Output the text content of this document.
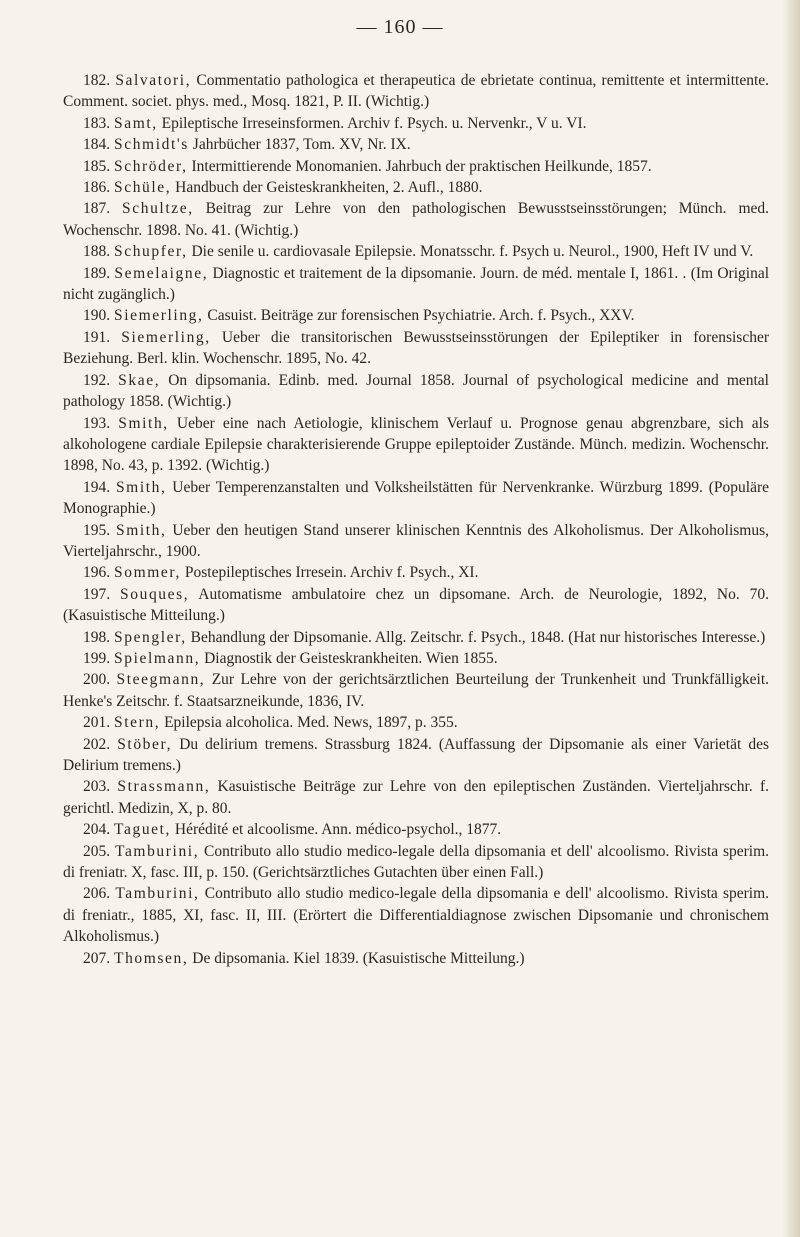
— 160 —

182. Salvatori, Commentatio pathologica et therapeutica de ebrietate continua, remittente et intermittente. Comment. societ. phys. med., Mosq. 1821, P. II. (Wichtig.)

183. Samt, Epileptische Irreseinsformen. Archiv f. Psych. u. Nervenkr., V u. VI.

184. Schmidt's Jahrbücher 1837, Tom. XV, Nr. IX.

185. Schröder, Intermittierende Monomanien. Jahrbuch der praktischen Heilkunde, 1857.

186. Schüle, Handbuch der Geisteskrankheiten, 2. Aufl., 1880.

187. Schultze, Beitrag zur Lehre von den pathologischen Bewusstseinsstörungen; Münch. med. Wochenschr. 1898. No. 41. (Wichtig.)

188. Schupfer, Die senile u. cardiovasale Epilepsie. Monatsschr. f. Psych u. Neurol., 1900, Heft IV und V.

189. Semelaigne, Diagnostic et traitement de la dipsomanie. Journ. de méd. mentale I, 1861. . (Im Original nicht zugänglich.)

190. Siemerling, Casuist. Beiträge zur forensischen Psychiatrie. Arch. f. Psych., XXV.

191. Siemerling, Ueber die transitorischen Bewusstseinsstörungen der Epileptiker in forensischer Beziehung. Berl. klin. Wochenschr. 1895, No. 42.

192. Skae, On dipsomania. Edinb. med. Journal 1858. Journal of psychological medicine and mental pathology 1858. (Wichtig.)

193. Smith, Ueber eine nach Aetiologie, klinischem Verlauf u. Prognose genau abgrenzbare, sich als alkohologene cardiale Epilepsie charakterisierende Gruppe epileptoider Zustände. Münch. medizin. Wochenschr. 1898, No. 43, p. 1392. (Wichtig.)

194. Smith, Ueber Temperenzanstalten und Volksheilstätten für Nervenkranke. Würzburg 1899. (Populäre Monographie.)

195. Smith, Ueber den heutigen Stand unserer klinischen Kenntnis des Alkoholismus. Der Alkoholismus, Vierteljahrschr., 1900.

196. Sommer, Postepileptisches Irresein. Archiv f. Psych., XI.

197. Souques, Automatisme ambulatoire chez un dipsomane. Arch. de Neurologie, 1892, No. 70. (Kasuistische Mitteilung.)

198. Spengler, Behandlung der Dipsomanie. Allg. Zeitschr. f. Psych., 1848. (Hat nur historisches Interesse.)

199. Spielmann, Diagnostik der Geisteskrankheiten. Wien 1855.

200. Steegmann, Zur Lehre von der gerichtsärztlichen Beurteilung der Trunkenheit und Trunkfälligkeit. Henke's Zeitschr. f. Staatsarzneikunde, 1836, IV.

201. Stern, Epilepsia alcoholica. Med. News, 1897, p. 355.

202. Stöber, Du delirium tremens. Strassburg 1824. (Auffassung der Dipsomanie als einer Varietät des Delirium tremens.)

203. Strassmann, Kasuistische Beiträge zur Lehre von den epileptischen Zuständen. Vierteljahrschr. f. gerichtl. Medizin, X, p. 80.

204. Taguet, Hérédité et alcoolisme. Ann. médico-psychol., 1877.

205. Tamburini, Contributo allo studio medico-legale della dipsomania et dell' alcoolismo. Rivista sperim. di freniatr. X, fasc. III, p. 150. (Gerichtsärztliches Gutachten über einen Fall.)

206. Tamburini, Contributo allo studio medico-legale della dipsomania e dell' alcoolismo. Rivista sperim. di freniatr., 1885, XI, fasc. II, III. (Erörtert die Differentialdiagnose zwischen Dipsomanie und chronischem Alkoholismus.)

207. Thomsen, De dipsomania. Kiel 1839. (Kasuistische Mitteilung.)
